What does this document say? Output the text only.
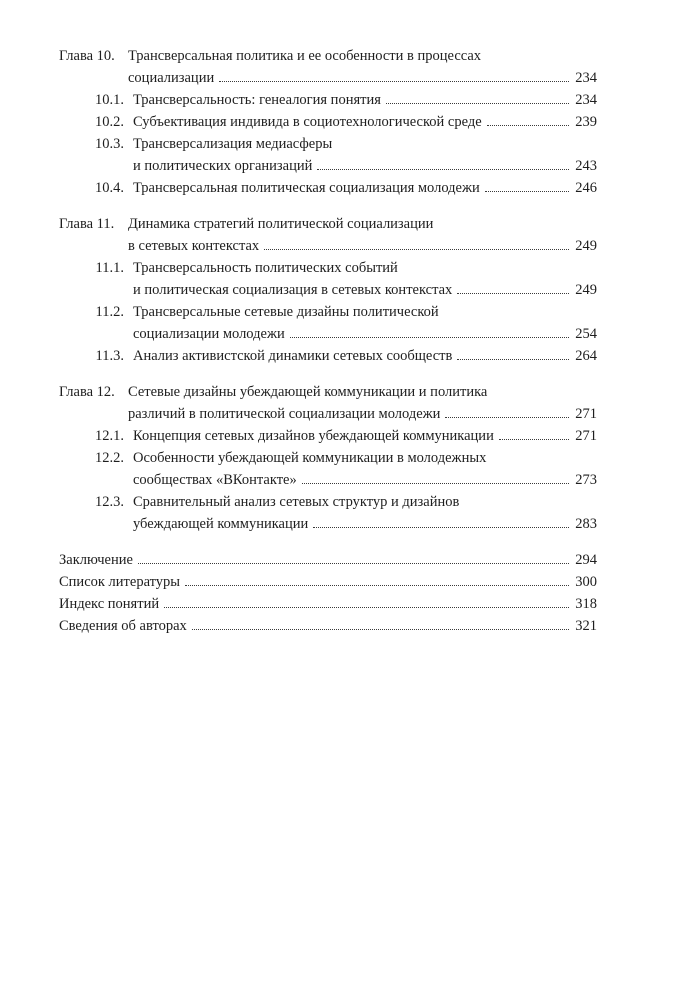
Глава 10. Трансверсальная политика и ее особенности в процессах
социализации	234
10.1. Трансверсальность: генеалогия понятия	234
10.2. Субъективация индивида в социотехнологической среде	239
10.3. Трансверсализация медиасферы
и политических организаций	243
10.4. Трансверсальная политическая социализация молодежи	246
Глава 11. Динамика стратегий политической социализации
в сетевых контекстах	249
11.1. Трансверсальность политических событий
и политическая социализация в сетевых контекстах	249
11.2. Трансверсальные сетевые дизайны политической
социализации молодежи	254
11.3. Анализ активистской динамики сетевых сообществ	264
Глава 12. Сетевые дизайны убеждающей коммуникации и политика
различий в политической социализации молодежи	271
12.1. Концепция сетевых дизайнов убеждающей коммуникации	271
12.2. Особенности убеждающей коммуникации в молодежных
сообществах «ВКонтакте»	273
12.3. Сравнительный анализ сетевых структур и дизайнов
убеждающей коммуникации	283
Заключение	294
Список литературы	300
Индекс понятий	318
Сведения об авторах	321
